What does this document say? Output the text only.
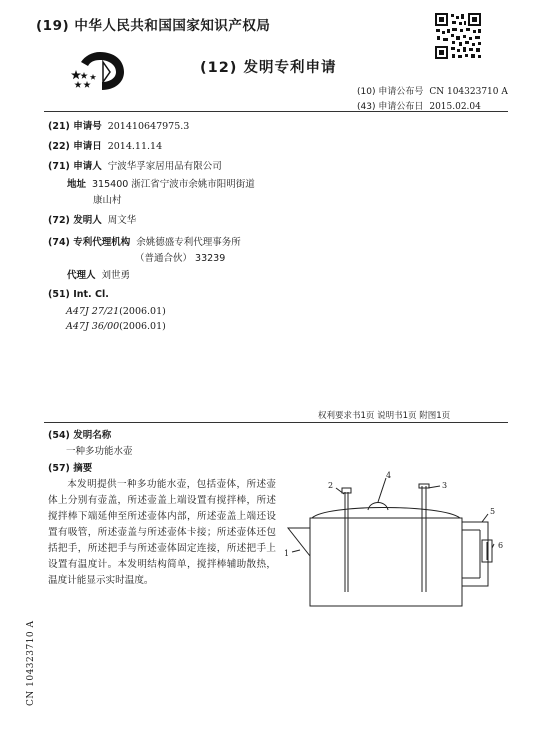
(19) 中华人民共和国国家知识产权局
(12) 发明专利申请
(10) 申请公布号 CN 104323710 A
(43) 申请公布日 2015.02.04
(21) 申请号 201410647975.3
(22) 申请日 2014.11.14
(71) 申请人 宁波华孚家居用品有限公司
地址 315400 浙江省宁波市余姚市阳明街道
康山村
(72) 发明人 周文华
(74) 专利代理机构 余姚德盛专利代理事务所
（普通合伙） 33239
代理人 刘世勇
(51) Int. Cl.
A47J 27/21(2006.01)
A47J 36/00(2006.01)
权利要求书1页 说明书1页 附图1页
(54) 发明名称
一种多功能水壶
(57) 摘要

本发明提供一种多功能水壶，包括壶体，所述壶体上分别有壶盖，所述壶盖上端设置有搅拌棒，所述搅拌棒下端延伸至所述壶体内部，所述壶盖上端还设置有吸管，所述壶盖与所述壶体卡接；所述壶体还包括把手，所述把手与所述壶体固定连接，所述把手上设置有温度计。本发明结构简单，搅拌棒辅助散热，温度计能显示实时温度。

1
2	3
4
5
6
CN 104323710 A
